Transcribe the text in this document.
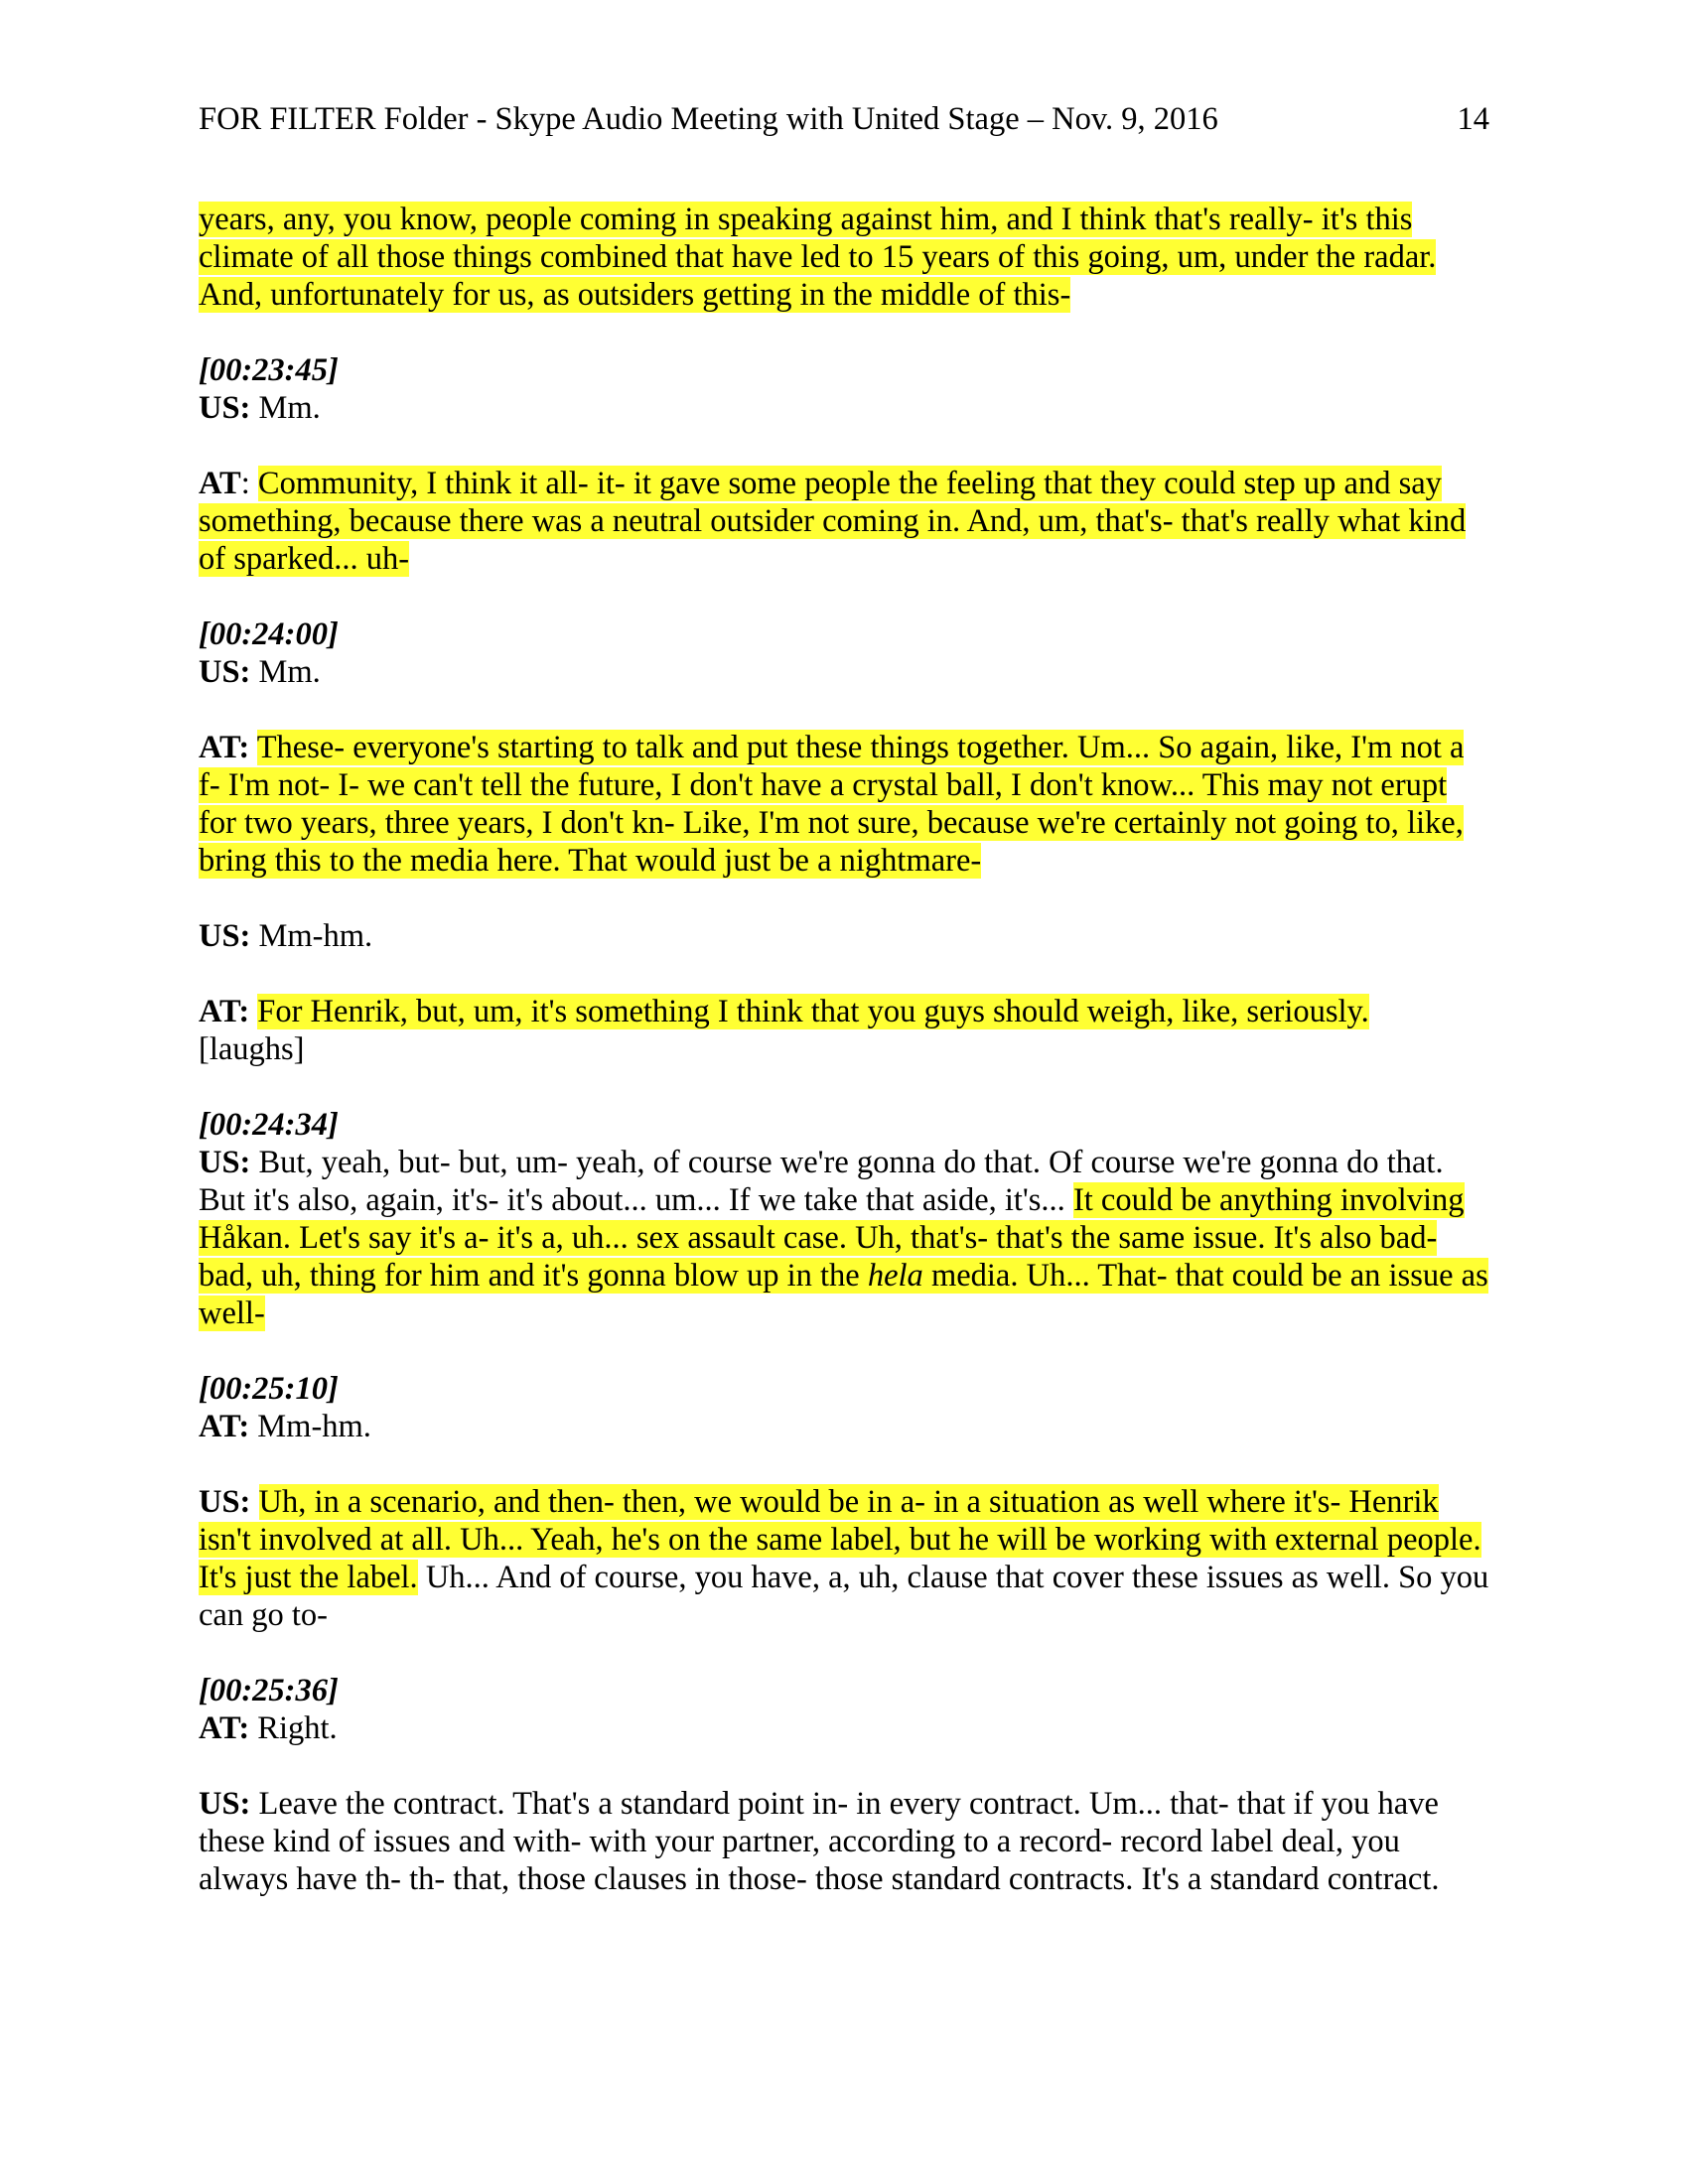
FOR FILTER Folder - Skype Audio Meeting with United Stage – Nov. 9, 2016	14

years, any, you know, people coming in speaking against him, and I think that's really- it's this climate of all those things combined that have led to 15 years of this going, um, under the radar. And, unfortunately for us, as outsiders getting in the middle of this-

[00:23:45]
US: Mm.

AT: Community, I think it all- it- it gave some people the feeling that they could step up and say something, because there was a neutral outsider coming in. And, um, that's- that's really what kind of sparked... uh-

[00:24:00]
US: Mm.

AT: These- everyone's starting to talk and put these things together. Um... So again, like, I'm not a f- I'm not- I- we can't tell the future, I don't have a crystal ball, I don't know... This may not erupt for two years, three years, I don't kn- Like, I'm not sure, because we're certainly not going to, like, bring this to the media here. That would just be a nightmare-

US: Mm-hm.

AT: For Henrik, but, um, it's something I think that you guys should weigh, like, seriously.
[laughs]

[00:24:34]
US: But, yeah, but- but, um- yeah, of course we're gonna do that. Of course we're gonna do that. But it's also, again, it's- it's about... um... If we take that aside, it's... It could be anything involving Håkan. Let's say it's a- it's a, uh... sex assault case. Uh, that's- that's the same issue. It's also bad- bad, uh, thing for him and it's gonna blow up in the hela media. Uh... That- that could be an issue as well-

[00:25:10]
AT: Mm-hm.

US: Uh, in a scenario, and then- then, we would be in a- in a situation as well where it's- Henrik isn't involved at all. Uh... Yeah, he's on the same label, but he will be working with external people. It's just the label. Uh... And of course, you have, a, uh, clause that cover these issues as well. So you can go to-

[00:25:36]
AT: Right.

US: Leave the contract. That's a standard point in- in every contract. Um... that- that if you have these kind of issues and with- with your partner, according to a record- record label deal, you always have th- th- that, those clauses in those- those standard contracts. It's a standard contract.
